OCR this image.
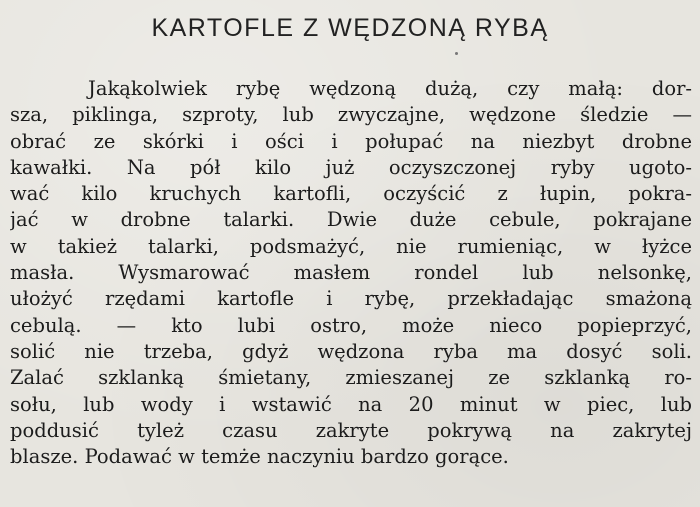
KARTOFLE Z WĘDZONĄ RYBĄ
Jakąkolwiek rybę wędzoną dużą, czy małą: dor-
sza, piklinga, szproty, lub zwyczajne, wędzone śledzie —
obrać ze skórki i ości i połupać na niezbyt drobne
kawałki. Na pół kilo już oczyszczonej ryby ugoto-
wać kilo kruchych kartofli, oczyścić z łupin, pokra-
jać w drobne talarki. Dwie duże cebule, pokrajane
w takież talarki, podsmażyć, nie rumieniąc, w łyżce
masła. Wysmarować masłem rondel lub nelsonkę,
ułożyć rzędami kartofle i rybę, przekładając smażoną
cebulą. — kto lubi ostro, może nieco popieprzyć,
solić nie trzeba, gdyż wędzona ryba ma dosyć soli.
Zalać szklanką śmietany, zmieszanej ze szklanką ro-
sołu, lub wody i wstawić na 20 minut w piec, lub
poddusić tyleż czasu zakryte pokrywą na zakrytej
blasze. Podawać w temże naczyniu bardzo gorące.
